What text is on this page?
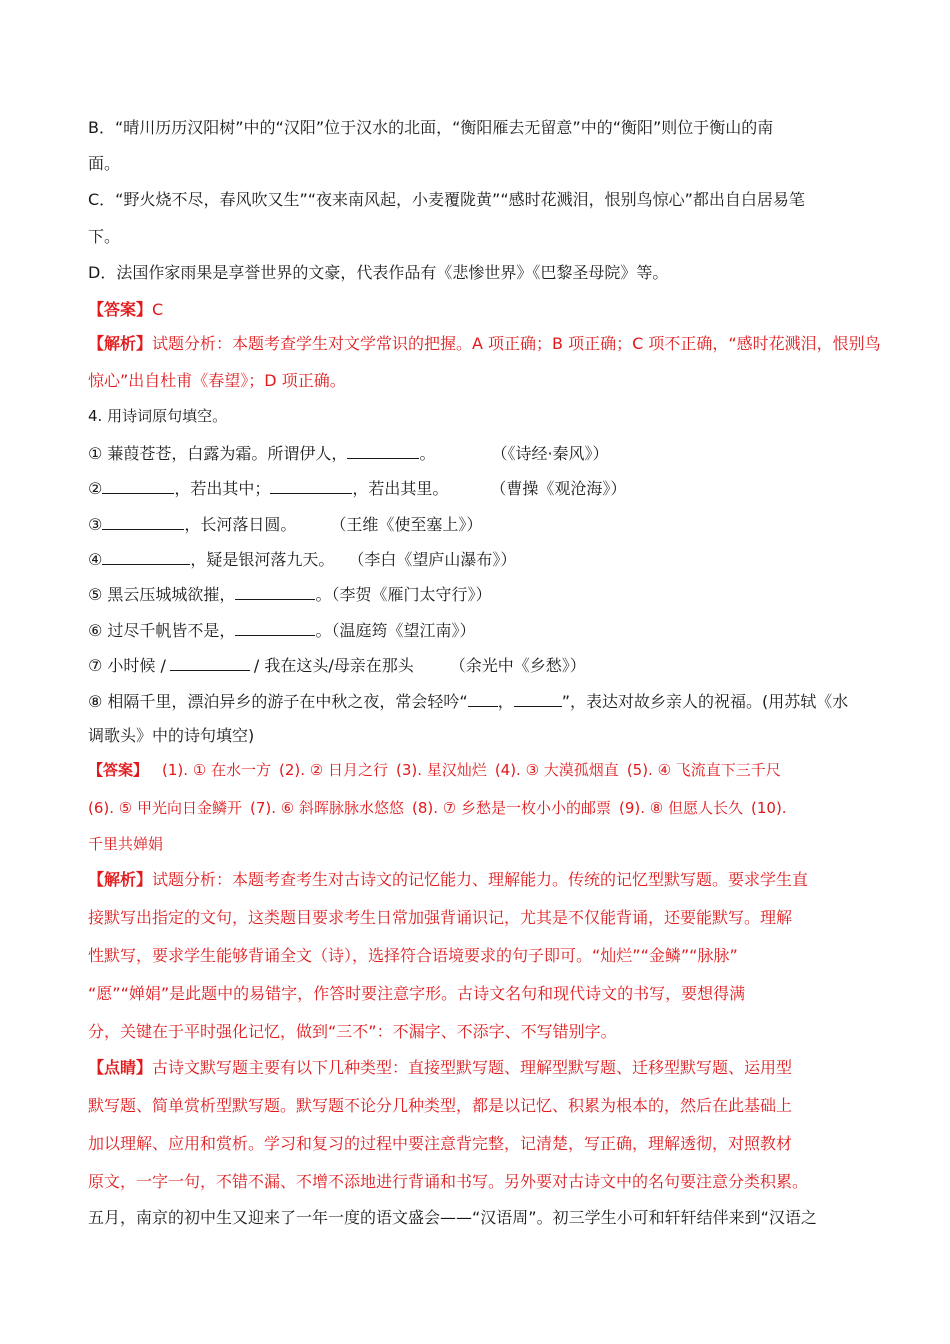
B．“晴川历历汉阳树”中的“汉阳”位于汉水的北面，“衡阳雁去无留意”中的“衡阳”则位于衡山的南

面。

C．“野火烧不尽，春风吹又生”“夜来南风起，小麦覆陇黄”“感时花溅泪，恨别鸟惊心”都出自白居易笔

下。

D．法国作家雨果是享誉世界的文豪，代表作品有《悲惨世界》《巴黎圣母院》等。

【答案】C

【解析】试题分析：本题考查学生对文学常识的把握。A 项正确；B 项正确；C 项不正确，“感时花溅泪，恨别鸟

惊心”出自杜甫《春望》；D 项正确。

4. 用诗词原句填空。

① 蒹葭苍苍，白露为霜。所谓伊人，	。	（《诗经·秦风》）

②	，若出其中；	，若出其里。	（曹操《观沧海》）

③	，长河落日圆。 （王维《使至塞上》）

④	，疑是银河落九天。 （李白《望庐山瀑布》）

⑤ 黑云压城城欲摧，	。（李贺《雁门太守行》）

⑥ 过尽千帆皆不是，	。（温庭筠《望江南》）

⑦ 小时候 /	/ 我在这头/母亲在那头 （余光中《乡愁》）

⑧ 相隔千里，漂泊异乡的游子在中秋之夜，常会轻吟“ ，	”，表达对故乡亲人的祝福。(用苏轼《水

调歌头》中的诗句填空)

【答案】 (1). ① 在水一方 (2). ② 日月之行 (3). 星汉灿烂 (4). ③ 大漠孤烟直 (5). ④ 飞流直下三千尺

(6). ⑤ 甲光向日金鳞开 (7). ⑥ 斜晖脉脉水悠悠 (8). ⑦ 乡愁是一枚小小的邮票 (9). ⑧ 但愿人长久 (10).

千里共婵娟

【解析】试题分析：本题考查考生对古诗文的记忆能力、理解能力。传统的记忆型默写题。要求学生直

接默写出指定的文句，这类题目要求考生日常加强背诵识记，尤其是不仅能背诵，还要能默写。理解

性默写，要求学生能够背诵全文（诗），选择符合语境要求的句子即可。“灿烂”“金鳞”“脉脉”

“愿”“婵娟”是此题中的易错字，作答时要注意字形。古诗文名句和现代诗文的书写，要想得满

分，关键在于平时强化记忆，做到“三不”：不漏字、不添字、不写错别字。

【点睛】古诗文默写题主要有以下几种类型：直接型默写题、理解型默写题、迁移型默写题、运用型

默写题、简单赏析型默写题。默写题不论分几种类型，都是以记忆、积累为根本的，然后在此基础上

加以理解、应用和赏析。学习和复习的过程中要注意背完整，记清楚，写正确，理解透彻，对照教材

原文，一字一句，不错不漏、不增不添地进行背诵和书写。另外要对古诗文中的名句要注意分类积累。

五月，南京的初中生又迎来了一年一度的语文盛会——“汉语周”。初三学生小可和轩轩结伴来到“汉语之
